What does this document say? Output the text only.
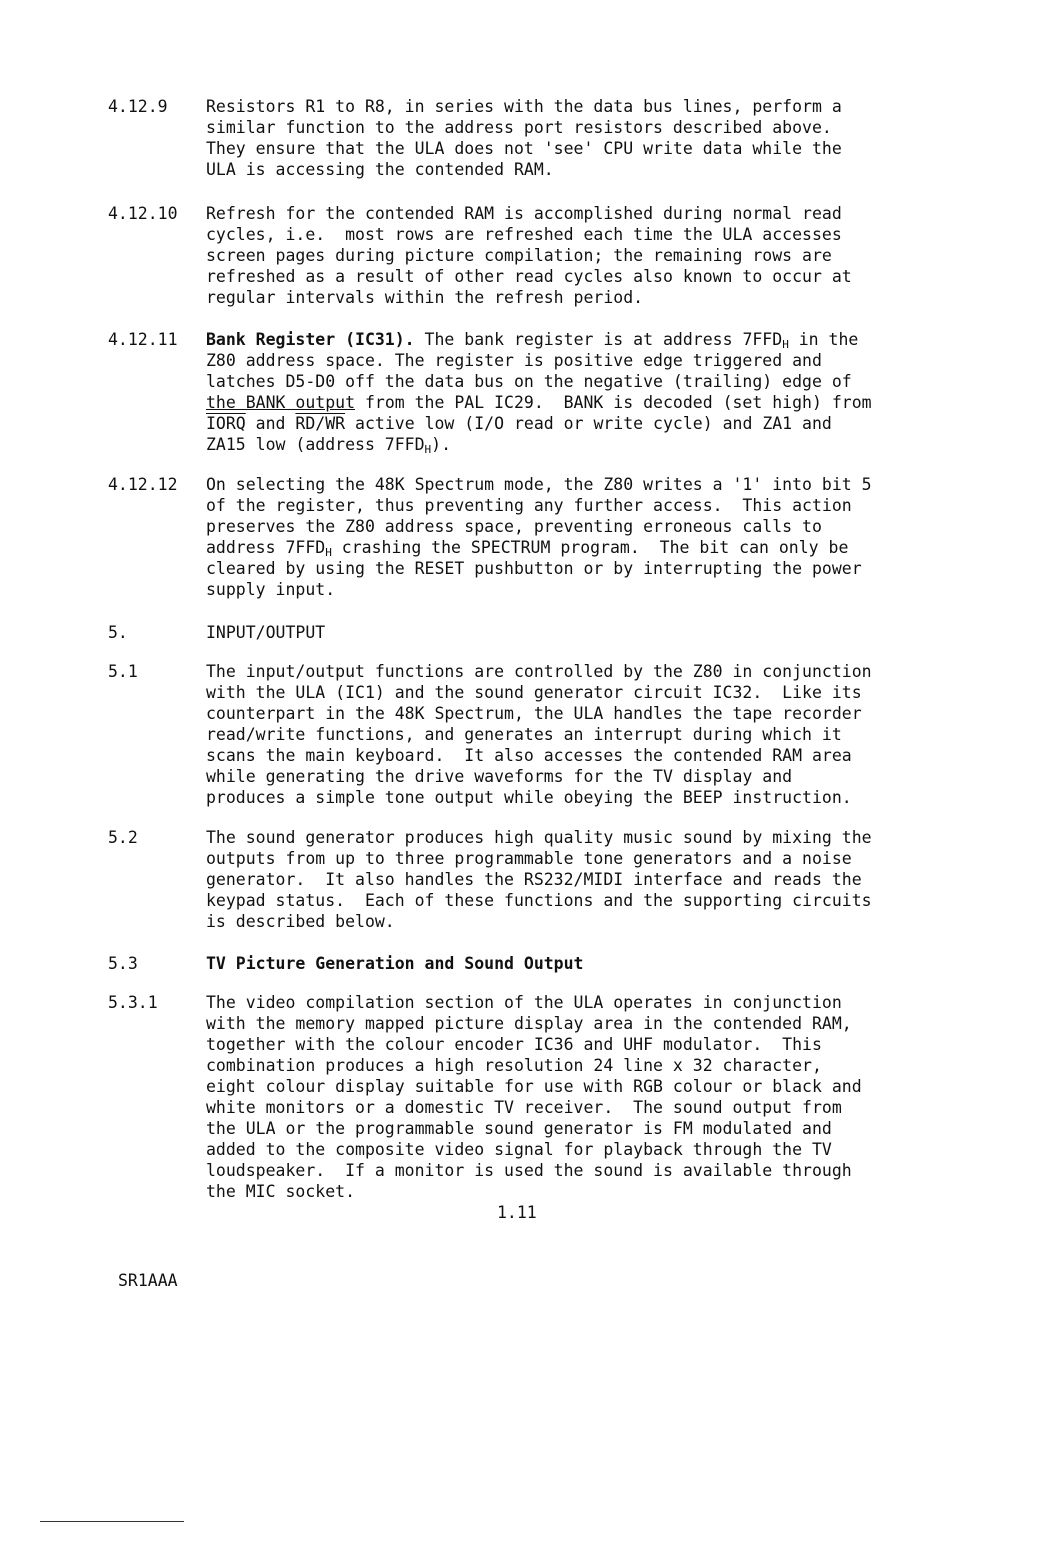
4.12.9	Resistors R1 to R8, in series with the data bus lines, perform a
similar function to the address port resistors described above.
They ensure that the ULA does not 'see' CPU write data while the
ULA is accessing the contended RAM.
4.12.10	Refresh for the contended RAM is accomplished during normal read
cycles, i.e.  most rows are refreshed each time the ULA accesses
screen pages during picture compilation; the remaining rows are
refreshed as a result of other read cycles also known to occur at
regular intervals within the refresh period.
4.12.11	Bank Register (IC31). The bank register is at address $7FFD_H$ in the
Z80 address space. The register is positive edge triggered and
latches D5-D0 off the data bus on the negative (trailing) edge of
the BANK output from the PAL IC29.  BANK is decoded (set high) from
IORQ and RD/WR active low (I/O read or write cycle) and ZA1 and
ZA15 low (address $7FFD_H$).
4.12.12	On selecting the 48K Spectrum mode, the Z80 writes a '1' into bit 5
of the register, thus preventing any further access.  This action
preserves the Z80 address space, preventing erroneous calls to
address $7FFD_H$ crashing the SPECTRUM program.  The bit can only be
cleared by using the RESET pushbutton or by interrupting the power
supply input.
5.	INPUT/OUTPUT
5.1	The input/output functions are controlled by the Z80 in conjunction
with the ULA (IC1) and the sound generator circuit IC32.  Like its
counterpart in the 48K Spectrum, the ULA handles the tape recorder
read/write functions, and generates an interrupt during which it
scans the main keyboard.  It also accesses the contended RAM area
while generating the drive waveforms for the TV display and
produces a simple tone output while obeying the BEEP instruction.
5.2	The sound generator produces high quality music sound by mixing the
outputs from up to three programmable tone generators and a noise
generator.  It also handles the RS232/MIDI interface and reads the
keypad status.  Each of these functions and the supporting circuits
is described below.
5.3	TV Picture Generation and Sound Output
5.3.1	The video compilation section of the ULA operates in conjunction
with the memory mapped picture display area in the contended RAM,
together with the colour encoder IC36 and UHF modulator.  This
combination produces a high resolution 24 line x 32 character,
eight colour display suitable for use with RGB colour or black and
white monitors or a domestic TV receiver.  The sound output from
the ULA or the programmable sound generator is FM modulated and
added to the composite video signal for playback through the TV
loudspeaker.  If a monitor is used the sound is available through
the MIC socket.
1.11
SR1AAA
